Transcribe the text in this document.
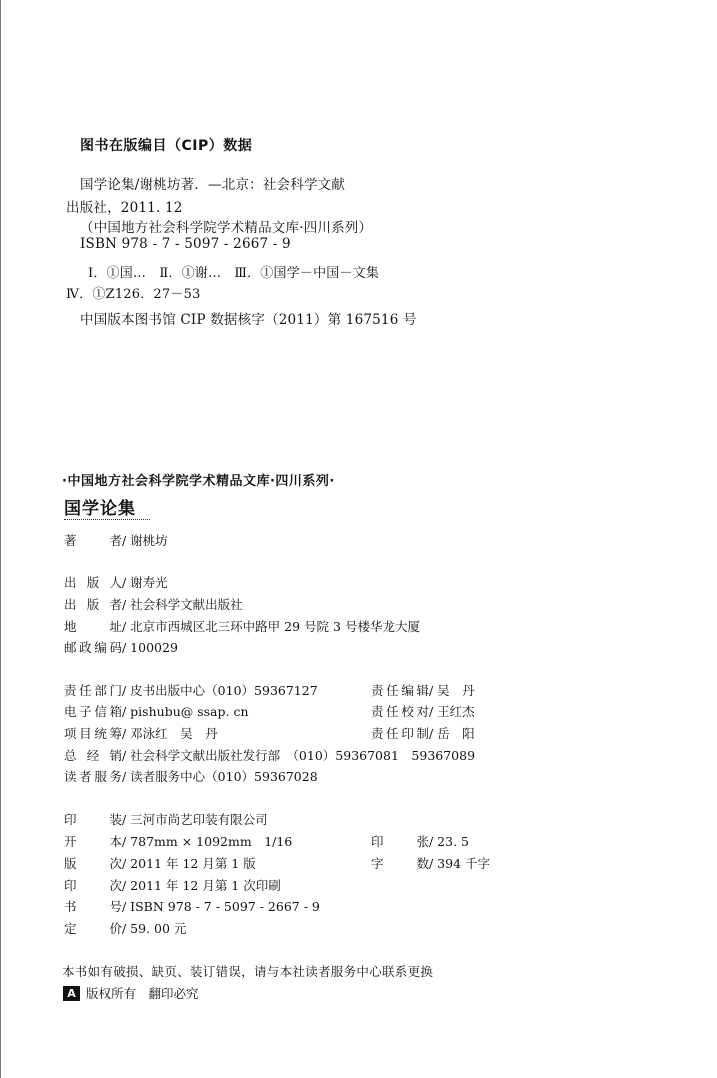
图书在版编目（CIP）数据
国学论集/谢桃坊著．—北京：社会科学文献
出版社，2011. 12
（中国地方社会科学院学术精品文库·四川系列）
ISBN 978 - 7 - 5097 - 2667 - 9
Ⅰ．①国…　Ⅱ．①谢…　Ⅲ．①国学－中国－文集
Ⅳ．①Z126．27－53
中国版本图书馆 CIP 数据核字（2011）第 167516 号
·中国地方社会科学院学术精品文库·四川系列·
国学论集
著　者 / 谢桃坊
出版人 / 谢寿光
出版者 / 社会科学文献出版社
地　址 / 北京市西城区北三环中路甲 29 号院 3 号楼华龙大厦
邮政编码 / 100029
责任部门 / 皮书出版中心（010）59367127	责任编辑 / 吴　丹
电子信箱 / pishubu@ ssap. cn	责任校对 / 王红杰
项目统筹 / 邓泳红　吴　丹	责任印制 / 岳　阳
总经销 / 社会科学文献出版社发行部　（010）59367081　59367089
读者服务 / 读者服务中心（010）59367028
印　装 / 三河市尚艺印装有限公司
开　本 / 787mm × 1092mm　1/16	印　张 / 23. 5
版　次 / 2011 年 12 月第 1 版	字　数 / 394 千字
印　次 / 2011 年 12 月第 1 次印刷
书　号 / ISBN 978 - 7 - 5097 - 2667 - 9
定　价 / 59. 00 元
本书如有破损、缺页、装订错误，请与本社读者服务中心联系更换
A 版权所有　翻印必究
